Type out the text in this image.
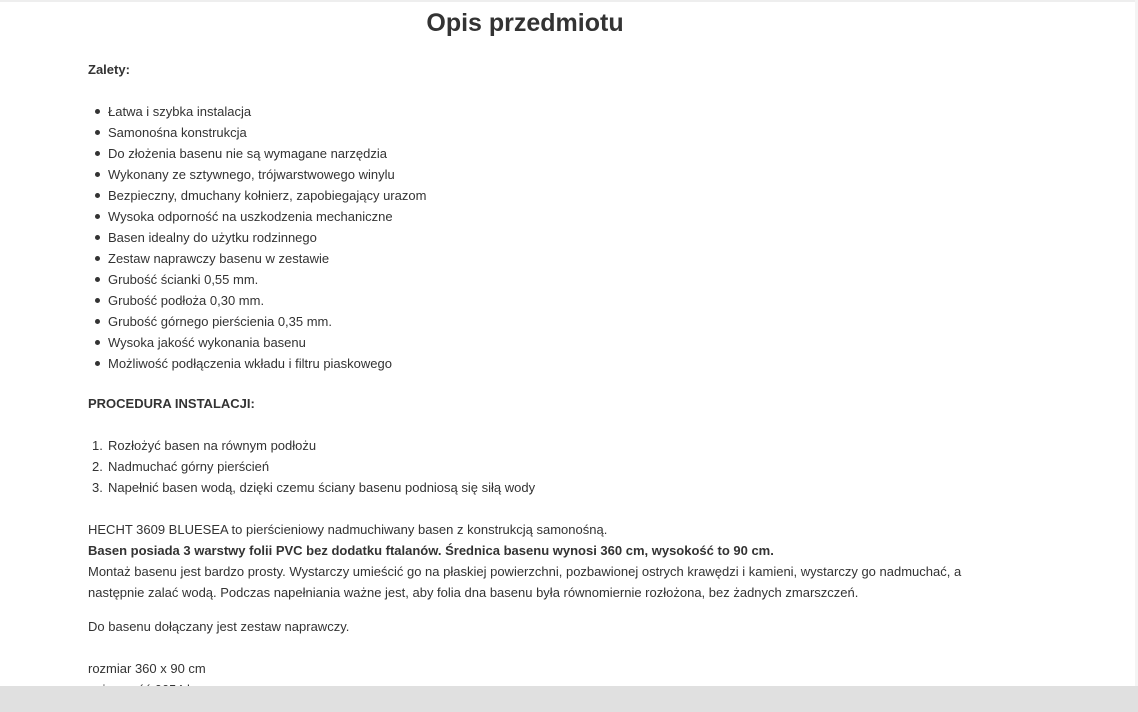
Opis przedmiotu
Zalety:
Łatwa i szybka instalacja
Samonośna konstrukcja
Do złożenia basenu nie są wymagane narzędzia
Wykonany ze sztywnego, trójwarstwowego winylu
Bezpieczny, dmuchany kołnierz, zapobiegający urazom
Wysoka odporność na uszkodzenia mechaniczne
Basen idealny do użytku rodzinnego
Zestaw naprawczy basenu w zestawie
Grubość ścianki 0,55 mm.
Grubość podłoża 0,30 mm.
Grubość górnego pierścienia 0,35 mm.
Wysoka jakość wykonania basenu
Możliwość podłączenia wkładu i filtru piaskowego
PROCEDURA INSTALACJI:
1. Rozłożyć basen na równym podłożu
2. Nadmuchać górny pierścień
3. Napełnić basen wodą, dzięki czemu ściany basenu podniosą się siłą wody

HECHT 3609 BLUESEA to pierścieniowy nadmuchiwany basen z konstrukcją samonośną.

Basen posiada 3 warstwy folii PVC bez dodatku ftalanów. Średnica basenu wynosi 360 cm, wysokość to 90 cm.

Montaż basenu jest bardzo prosty. Wystarczy umieścić go na płaskiej powierzchni, pozbawionej ostrych krawędzi i kamieni, wystarczy go nadmuchać, a

następnie zalać wodą. Podczas napełniania ważne jest, aby folia dna basenu była równomiernie rozłożona, bez żadnych zmarszczeń.

Do basenu dołączany jest zestaw naprawczy.

rozmiar 360 x 90 cm
